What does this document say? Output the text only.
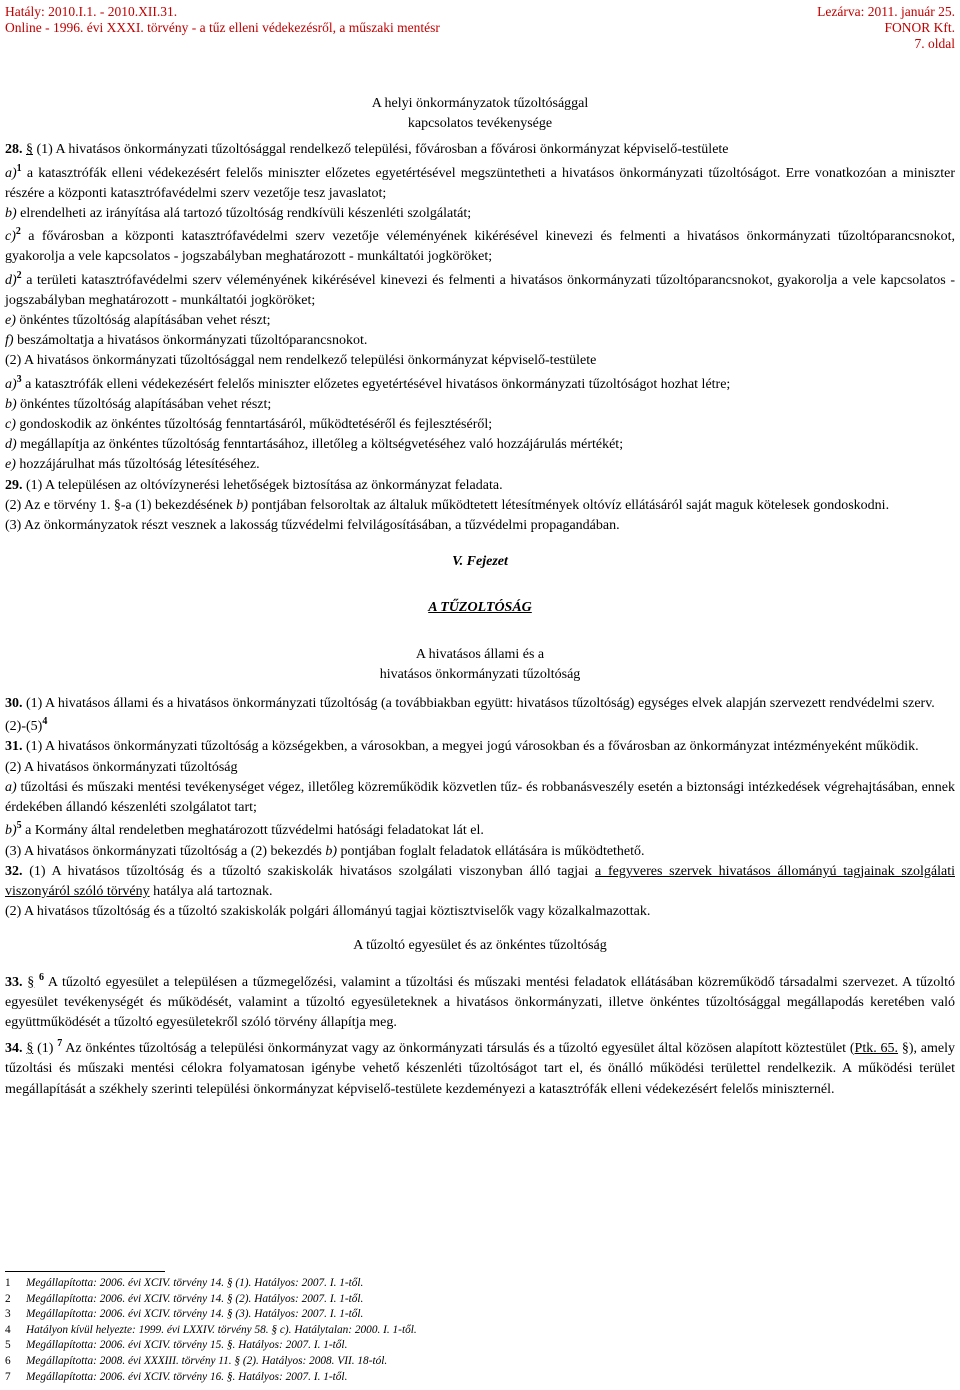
Hatály: 2010.I.1. - 2010.XII.31.
Online - 1996. évi XXXI. törvény - a tűz elleni védekezésről, a műszaki mentésr
Lezárva: 2011. január 25.
FONOR Kft.
7. oldal

A helyi önkormányzatok tűzoltósággal
kapcsolatos tevékenysége

28. § (1) A hivatásos önkormányzati tűzoltósággal rendelkező települési, fővárosban a fővárosi önkormányzat képviselő-testülete

a)$^1$ a katasztrófák elleni védekezésért felelős miniszter előzetes egyetértésével megszüntetheti a hivatásos önkormányzati tűzoltóságot. Erre vonatkozóan a miniszter részére a központi katasztrófavédelmi szerv vezetője tesz javaslatot;

b) elrendelheti az irányítása alá tartozó tűzoltóság rendkívüli készenléti szolgálatát;

c)$^2$ a fővárosban a központi katasztrófavédelmi szerv vezetője véleményének kikérésével kinevezi és felmenti a hivatásos önkormányzati tűzoltóparancsnokot, gyakorolja a vele kapcsolatos - jogszabályban meghatározott - munkáltatói jogköröket;

d)$^2$ a területi katasztrófavédelmi szerv véleményének kikérésével kinevezi és felmenti a hivatásos önkormányzati tűzoltóparancsnokot, gyakorolja a vele kapcsolatos - jogszabályban meghatározott - munkáltatói jogköröket;

e) önkéntes tűzoltóság alapításában vehet részt;

f) beszámoltatja a hivatásos önkormányzati tűzoltóparancsnokot.

(2) A hivatásos önkormányzati tűzoltósággal nem rendelkező települési önkormányzat képviselő-testülete

a)$^3$ a katasztrófák elleni védekezésért felelős miniszter előzetes egyetértésével hivatásos önkormányzati tűzoltóságot hozhat létre;

b) önkéntes tűzoltóság alapításában vehet részt;

c) gondoskodik az önkéntes tűzoltóság fenntartásáról, működtetéséről és fejlesztéséről;

d) megállapítja az önkéntes tűzoltóság fenntartásához, illetőleg a költségvetéséhez való hozzájárulás mértékét;

e) hozzájárulhat más tűzoltóság létesítéséhez.

29. (1) A településen az oltóvízynerési lehetőségek biztosítása az önkormányzat feladata.

(2) Az e törvény 1. §-a (1) bekezdésének b) pontjában felsoroltak az általuk működtetett létesítmények oltóvíz ellátásáról saját maguk kötelesek gondoskodni.

(3) Az önkormányzatok részt vesznek a lakosság tűzvédelmi felvilágosításában, a tűzvédelmi propagandában.

V. Fejezet

A TŰZOLTÓSÁG

A hivatásos állami és a
hivatásos önkormányzati tűzoltóság

30. (1) A hivatásos állami és a hivatásos önkormányzati tűzoltóság (a továbbiakban együtt: hivatásos tűzoltóság) egységes elvek alapján szervezett rendvédelmi szerv.

$(2)-(5)^4$

31. (1) A hivatásos önkormányzati tűzoltóság a községekben, a városokban, a megyei jogú városokban és a fővárosban az önkormányzat intézményeként működik.

(2) A hivatásos önkormányzati tűzoltóság

a) tűzoltási és műszaki mentési tevékenységet végez, illetőleg közreműködik közvetlen tűz- és robbanásveszély esetén a biztonsági intézkedések végrehajtásában, ennek érdekében állandó készenléti szolgálatot tart;

b)$^5$ a Kormány által rendeletben meghatározott tűzvédelmi hatósági feladatokat lát el.

(3) A hivatásos önkormányzati tűzoltóság a (2) bekezdés b) pontjában foglalt feladatok ellátására is működtethető.

32. (1) A hivatásos tűzoltóság és a tűzoltó szakiskolák hivatásos szolgálati viszonyban álló tagjai a fegyveres szervek hivatásos állományú tagjainak szolgálati viszonyáról szóló törvény hatálya alá tartoznak.

(2) A hivatásos tűzoltóság és a tűzoltó szakiskolák polgári állományú tagjai köztisztviselők vagy közalkalmazottak.

A tűzoltó egyesület és az önkéntes tűzoltóság

33. § $^6$ A tűzoltó egyesület a településen a tűzmegelőzési, valamint a tűzoltási és műszaki mentési feladatok ellátásában közreműködő társadalmi szervezet. A tűzoltó egyesület tevékenységét és működését, valamint a tűzoltó egyesületeknek a hivatásos önkormányzati, illetve önkéntes tűzoltósággal megállapodás keretében való együttműködését a tűzoltó egyesületekről szóló törvény állapítja meg.

34. § (1) $^7$ Az önkéntes tűzoltóság a települési önkormányzat vagy az önkormányzati társulás és a tűzoltó egyesület által közösen alapított köztestület (Ptk. 65. §), amely tűzoltási és műszaki mentési célokra folyamatosan igénybe vehető készenléti tűzoltóságot tart el, és önálló működési területtel rendelkezik. A működési terület megállapítását a székhely szerinti települési önkormányzat képviselő-testülete kezdeményezi a katasztrófák elleni védekezésért felelős miniszternél.

1 Megállapította: 2006. évi XCIV. törvény 14. § (1). Hatályos: 2007. I. 1-től.

2 Megállapította: 2006. évi XCIV. törvény 14. § (2). Hatályos: 2007. I. 1-től.

3 Megállapította: 2006. évi XCIV. törvény 14. § (3). Hatályos: 2007. I. 1-től.

4 Hatályon kívül helyezte: 1999. évi LXXIV. törvény 58. § c). Hatálytalan: 2000. I. 1-től.

5 Megállapította: 2006. évi XCIV. törvény 15. §. Hatályos: 2007. I. 1-től.

6 Megállapította: 2008. évi XXXIII. törvény 11. § (2). Hatályos: 2008. VII. 18-tól.

7 Megállapította: 2006. évi XCIV. törvény 16. §. Hatályos: 2007. I. 1-től.
